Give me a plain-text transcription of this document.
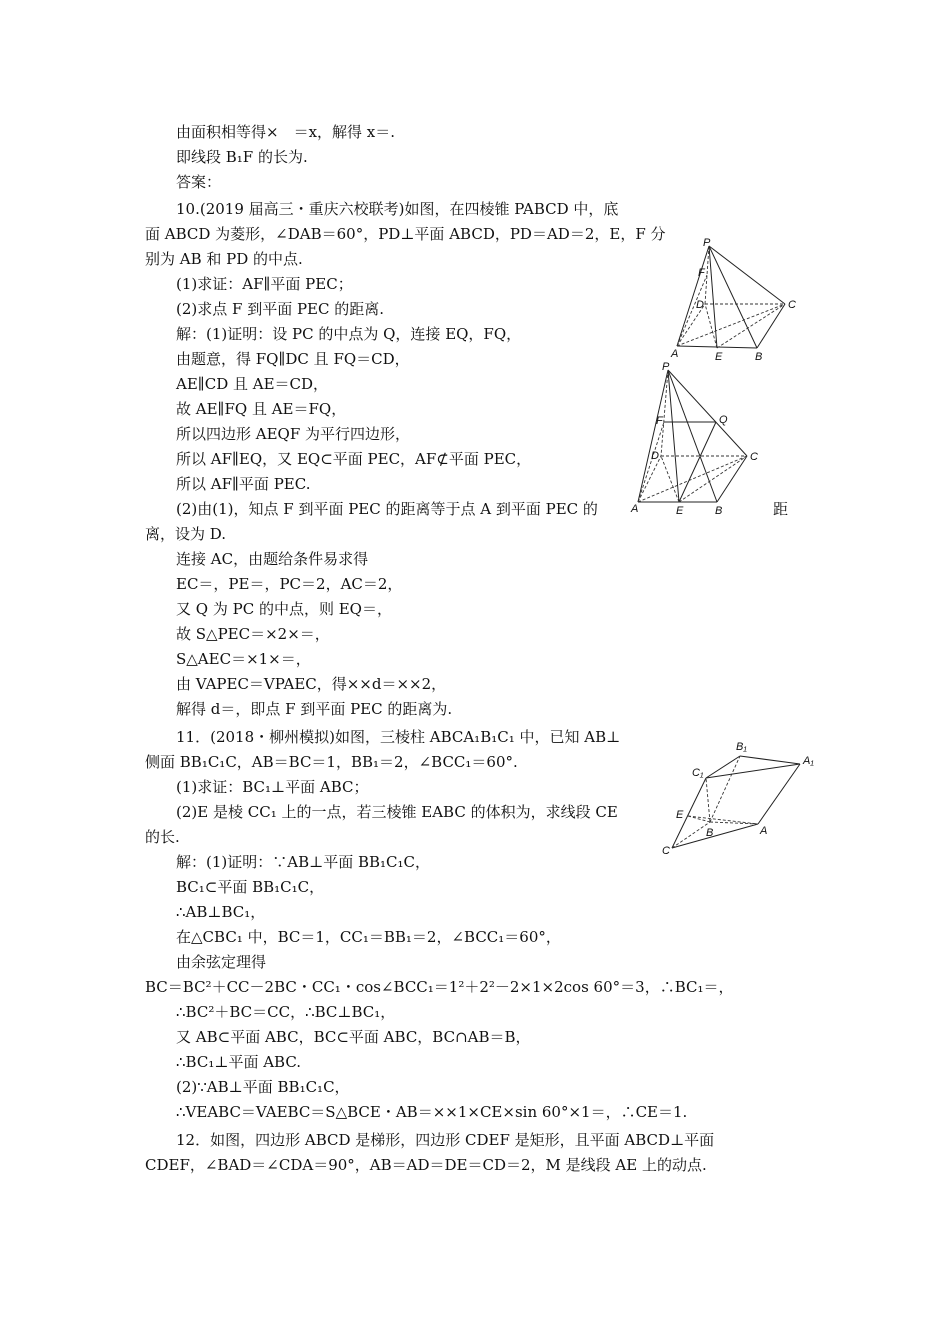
由面积相等得×　＝x，解得 x＝.
即线段 B₁F 的长为.
答案：
10.(2019 届高三・重庆六校联考)如图，在四棱锥 PABCD 中，底
面 ABCD 为菱形，∠DAB＝60°，PD⊥平面 ABCD，PD＝AD＝2，E，F 分
别为 AB 和 PD 的中点.
(1)求证：AF∥平面 PEC；
(2)求点 F 到平面 PEC 的距离.
解：(1)证明：设 PC 的中点为 Q，连接 EQ，FQ，
由题意，得 FQ∥DC 且 FQ＝CD，
AE∥CD 且 AE＝CD，
故 AE∥FQ 且 AE＝FQ，
所以四边形 AEQF 为平行四边形，
所以 AF∥EQ，又 EQ⊂平面 PEC，AF⊄平面 PEC，
所以 AF∥平面 PEC.
(2)由(1)，知点 F 到平面 PEC 的距离等于点 A 到平面 PEC 的	距
离，设为 D.
连接 AC，由题给条件易求得
EC＝，PE＝，PC＝2，AC＝2，
又 Q 为 PC 的中点，则 EQ＝，
故 S△PEC＝×2×＝，
S△AEC＝×1×＝，
由 VAPEC＝VPAEC，得××d＝××2，
解得 d＝，即点 F 到平面 PEC 的距离为.
11．(2018・柳州模拟)如图，三棱柱 ABCA₁B₁C₁ 中，已知 AB⊥
侧面 BB₁C₁C，AB＝BC＝1，BB₁＝2，∠BCC₁＝60°.
(1)求证：BC₁⊥平面 ABC；
(2)E 是棱 CC₁ 上的一点，若三棱锥 EABC 的体积为，求线段 CE
的长.
解：(1)证明：∵AB⊥平面 BB₁C₁C，
BC₁⊂平面 BB₁C₁C，
∴AB⊥BC₁，
在△CBC₁ 中，BC＝1，CC₁＝BB₁＝2，∠BCC₁＝60°，
由余弦定理得
BC＝BC²＋CC－2BC・CC₁・cos∠BCC₁＝1²＋2²－2×1×2cos 60°＝3，∴BC₁＝，
∴BC²＋BC＝CC，∴BC⊥BC₁，
又 AB⊂平面 ABC，BC⊂平面 ABC，BC∩AB＝B，
∴BC₁⊥平面 ABC.
(2)∵AB⊥平面 BB₁C₁C，
∴VEABC＝VAEBC＝S△BCE・AB＝××1×CE×sin 60°×1＝，∴CE＝1.
12．如图，四边形 ABCD 是梯形，四边形 CDEF 是矩形，且平面 ABCD⊥平面
CDEF，∠BAD＝∠CDA＝90°，AB＝AD＝DE＝CD＝2，M 是线段 AE 上的动点.
P
F
D	C
A	E	B
P
Q
F
D	C
A	E	B
B₁
C₁
A₁
E
B	A
C
